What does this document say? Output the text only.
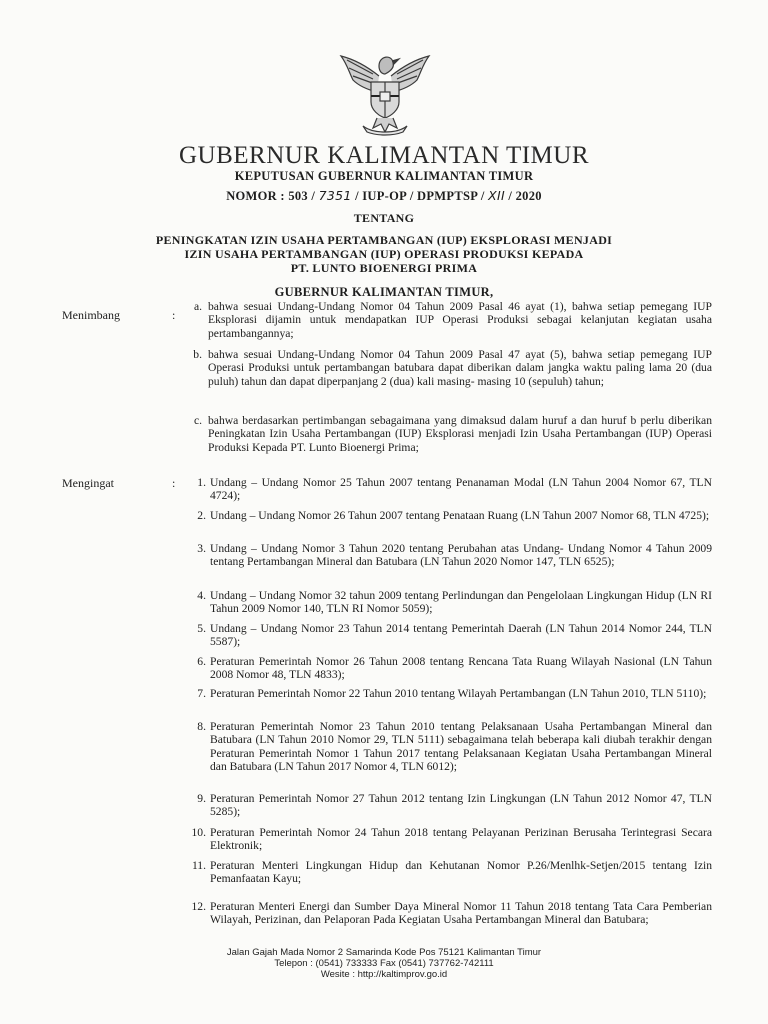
GUBERNUR KALIMANTAN TIMUR
KEPUTUSAN GUBERNUR KALIMANTAN TIMUR
NOMOR : 503 / 7351 / IUP-OP / DPMPTSP / XII / 2020
TENTANG
PENINGKATAN IZIN USAHA PERTAMBANGAN (IUP) EKSPLORASI MENJADI
IZIN USAHA PERTAMBANGAN (IUP) OPERASI PRODUKSI KEPADA
PT. LUNTO BIOENERGI PRIMA
GUBERNUR KALIMANTAN TIMUR,
Menimbang	:
a. bahwa sesuai Undang-Undang Nomor 04 Tahun 2009 Pasal 46 ayat (1), bahwa setiap pemegang IUP Eksplorasi dijamin untuk mendapatkan IUP Operasi Produksi sebagai kelanjutan kegiatan usaha pertambangannya;
b. bahwa sesuai Undang-Undang Nomor 04 Tahun 2009 Pasal 47 ayat (5), bahwa setiap pemegang IUP Operasi Produksi untuk pertambangan batubara dapat diberikan dalam jangka waktu paling lama 20 (dua puluh) tahun dan dapat diperpanjang 2 (dua) kali masing- masing 10 (sepuluh) tahun;
c. bahwa berdasarkan pertimbangan sebagaimana yang dimaksud dalam huruf a dan huruf b perlu diberikan Peningkatan Izin Usaha Pertambangan (IUP) Eksplorasi menjadi Izin Usaha Pertambangan (IUP) Operasi Produksi Kepada PT. Lunto Bioenergi Prima;
Mengingat	:	1. Undang – Undang Nomor 25 Tahun 2007 tentang Penanaman Modal (LN Tahun 2004 Nomor 67, TLN 4724);
2. Undang – Undang Nomor 26 Tahun 2007 tentang Penataan Ruang (LN Tahun 2007 Nomor 68, TLN 4725);
3. Undang – Undang Nomor 3 Tahun 2020 tentang Perubahan atas Undang- Undang Nomor 4 Tahun 2009 tentang Pertambangan Mineral dan Batubara (LN Tahun 2020 Nomor 147, TLN 6525);
4. Undang – Undang Nomor 32 tahun 2009 tentang Perlindungan dan Pengelolaan Lingkungan Hidup (LN RI Tahun 2009 Nomor 140, TLN RI Nomor 5059);
5. Undang – Undang Nomor 23 Tahun 2014 tentang Pemerintah Daerah (LN Tahun 2014 Nomor 244, TLN 5587);
6. Peraturan Pemerintah Nomor 26 Tahun 2008 tentang Rencana Tata Ruang Wilayah Nasional (LN Tahun 2008 Nomor 48, TLN 4833);
7. Peraturan Pemerintah Nomor 22 Tahun 2010 tentang Wilayah Pertambangan (LN Tahun 2010, TLN 5110);
8. Peraturan Pemerintah Nomor 23 Tahun 2010 tentang Pelaksanaan Usaha Pertambangan Mineral dan Batubara (LN Tahun 2010 Nomor 29, TLN 5111) sebagaimana telah beberapa kali diubah terakhir dengan Peraturan Pemerintah Nomor 1 Tahun 2017 tentang Pelaksanaan Kegiatan Usaha Pertambangan Mineral dan Batubara (LN Tahun 2017 Nomor 4, TLN 6012);
9. Peraturan Pemerintah Nomor 27 Tahun 2012 tentang Izin Lingkungan (LN Tahun 2012 Nomor 47, TLN 5285);
10. Peraturan Pemerintah Nomor 24 Tahun 2018 tentang Pelayanan Perizinan Berusaha Terintegrasi Secara Elektronik;
11. Peraturan Menteri Lingkungan Hidup dan Kehutanan Nomor P.26/Menlhk-Setjen/2015 tentang Izin Pemanfaatan Kayu;
12. Peraturan Menteri Energi dan Sumber Daya Mineral Nomor 11 Tahun 2018 tentang Tata Cara Pemberian Wilayah, Perizinan, dan Pelaporan Pada Kegiatan Usaha Pertambangan Mineral dan Batubara;
Jalan Gajah Mada Nomor 2 Samarinda Kode Pos 75121 Kalimantan Timur
Telepon : (0541) 733333 Fax (0541) 737762-742111
Wesite : http://kaltimprov.go.id
